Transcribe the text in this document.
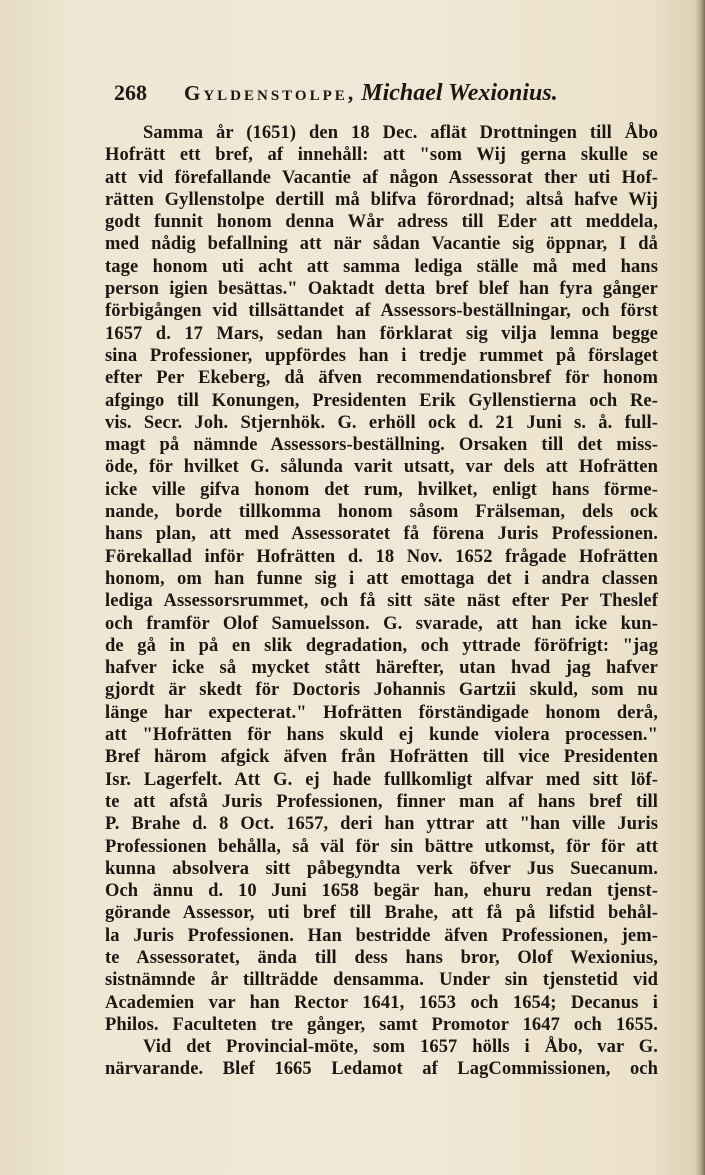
268 Gyldenstolpe, Michael Wexionius.
Samma år (1651) den 18 Dec. aflät Drottningen till Åbo
Hofrätt ett bref, af innehåll: att "som Wij gerna skulle se
att vid förefallande Vacantie af någon Assessorat ther uti Hof-
rätten Gyllenstolpe dertill må blifva förordnad; altså hafve Wij
godt funnit honom denna Wår adress till Eder att meddela,
med nådig befallning att när sådan Vacantie sig öppnar, I då
tage honom uti acht att samma lediga ställe må med hans
person igien besättas." Oaktadt detta bref blef han fyra gånger
förbigången vid tillsättandet af Assessors-beställningar, och först
1657 d. 17 Mars, sedan han förklarat sig vilja lemna begge
sina Professioner, uppfördes han i tredje rummet på förslaget
efter Per Ekeberg, då äfven recommendationsbref för honom
afgingo till Konungen, Presidenten Erik Gyllenstierna och Re-
vis. Secr. Joh. Stjernhök. G. erhöll ock d. 21 Juni s. å. full-
magt på nämnde Assessors-beställning. Orsaken till det miss-
öde, för hvilket G. sålunda varit utsatt, var dels att Hofrätten
icke ville gifva honom det rum, hvilket, enligt hans förme-
nande, borde tillkomma honom såsom Frälseman, dels ock
hans plan, att med Assessoratet få förena Juris Professionen.
Förekallad inför Hofrätten d. 18 Nov. 1652 frågade Hofrätten
honom, om han funne sig i att emottaga det i andra classen
lediga Assessorsrummet, och få sitt säte näst efter Per Theslef
och framför Olof Samuelsson. G. svarade, att han icke kun-
de gå in på en slik degradation, och yttrade föröfrigt: "jag
hafver icke så mycket stått härefter, utan hvad jag hafver
gjordt är skedt för Doctoris Johannis Gartzii skuld, som nu
länge har expecterat." Hofrätten förständigade honom derå,
att "Hofrätten för hans skuld ej kunde violera processen."
Bref härom afgick äfven från Hofrätten till vice Presidenten
Isr. Lagerfelt. Att G. ej hade fullkomligt alfvar med sitt löf-
te att afstå Juris Professionen, finner man af hans bref till
P. Brahe d. 8 Oct. 1657, deri han yttrar att "han ville Juris
Professionen behålla, så väl för sin bättre utkomst, för för att
kunna absolvera sitt påbegyndta verk öfver Jus Suecanum.
Och ännu d. 10 Juni 1658 begär han, ehuru redan tjenst-
görande Assessor, uti bref till Brahe, att få på lifstid behål-
la Juris Professionen. Han bestridde äfven Professionen, jem-
te Assessoratet, ända till dess hans bror, Olof Wexionius,
sistnämnde år tillträdde densamma. Under sin tjenstetid vid
Academien var han Rector 1641, 1653 och 1654; Decanus i
Philos. Faculteten tre gånger, samt Promotor 1647 och 1655.
Vid det Provincial-möte, som 1657 hölls i Åbo, var G.
närvarande. Blef 1665 Ledamot af LagCommissionen, och
